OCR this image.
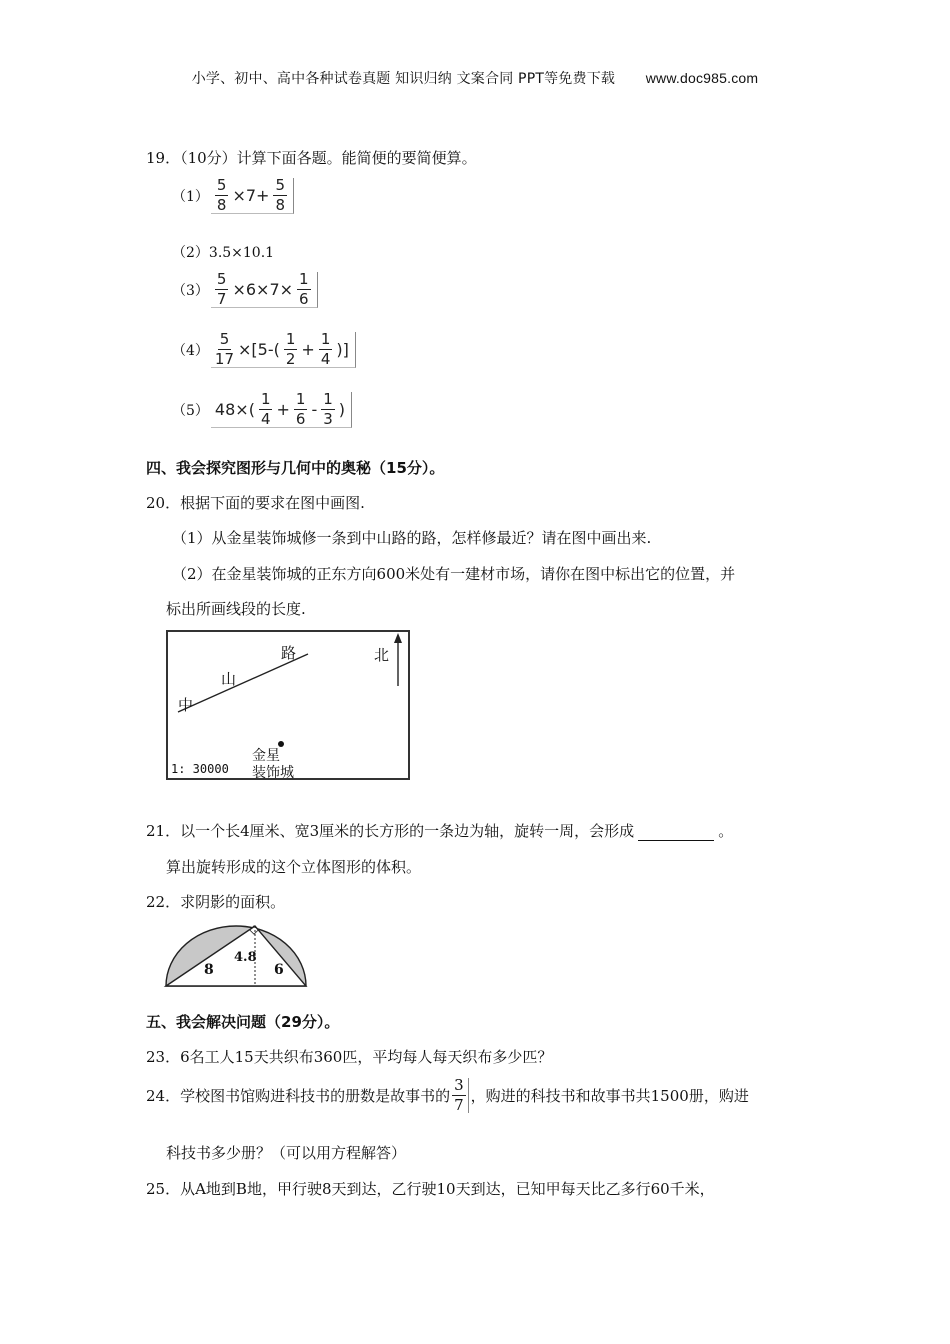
小学、初中、高中各种试卷真题 知识归纳 文案合同 PPT等免费下载 www.doc985.com
19．（10分）计算下面各题。能简便的要简便算。
$(1) \frac{5}{8} \times 7+ \frac{5}{8}$
（2）3.5×10.1
$(3) \frac{5}{7} \times 6\times 7\times \frac{1}{6}$
$(4) \frac{5}{17} \times[5-( \frac{1}{2} + \frac{1}{4}$ )]
（5） $48\times( \frac{1}{4} + \frac{1}{6} - \frac{1}{3}$ )
四、我会探究图形与几何中的奥秘（15分）。
20．根据下面的要求在图中画图.
（1）从金星装饰城修一条到中山路的路，怎样修最近？请在图中画出来.
（2）在金星装饰城的正东方向600米处有一建材市场，请你在图中标出它的位置，并
标出所画线段的长度.
中
山
路	北
金星
装饰城
1: 30000
21．以一个长4厘米、宽3厘米的长方形的一条边为轴，旋转一周，会形成	。
算出旋转形成的这个立体图形的体积。
22．求阴影的面积。
8
4.8
6
五、我会解决问题（29分）。
23．6名工人15天共织布360匹，平均每人每天织布多少匹？
24．学校图书馆购进科技书的册数是故事书的 $\frac{3}{7}$ ，购进的科技书和故事书共1500册，购进
科技书多少册？（可以用方程解答）
25．从A地到B地，甲行驶8天到达，乙行驶10天到达，已知甲每天比乙多行60千米，
